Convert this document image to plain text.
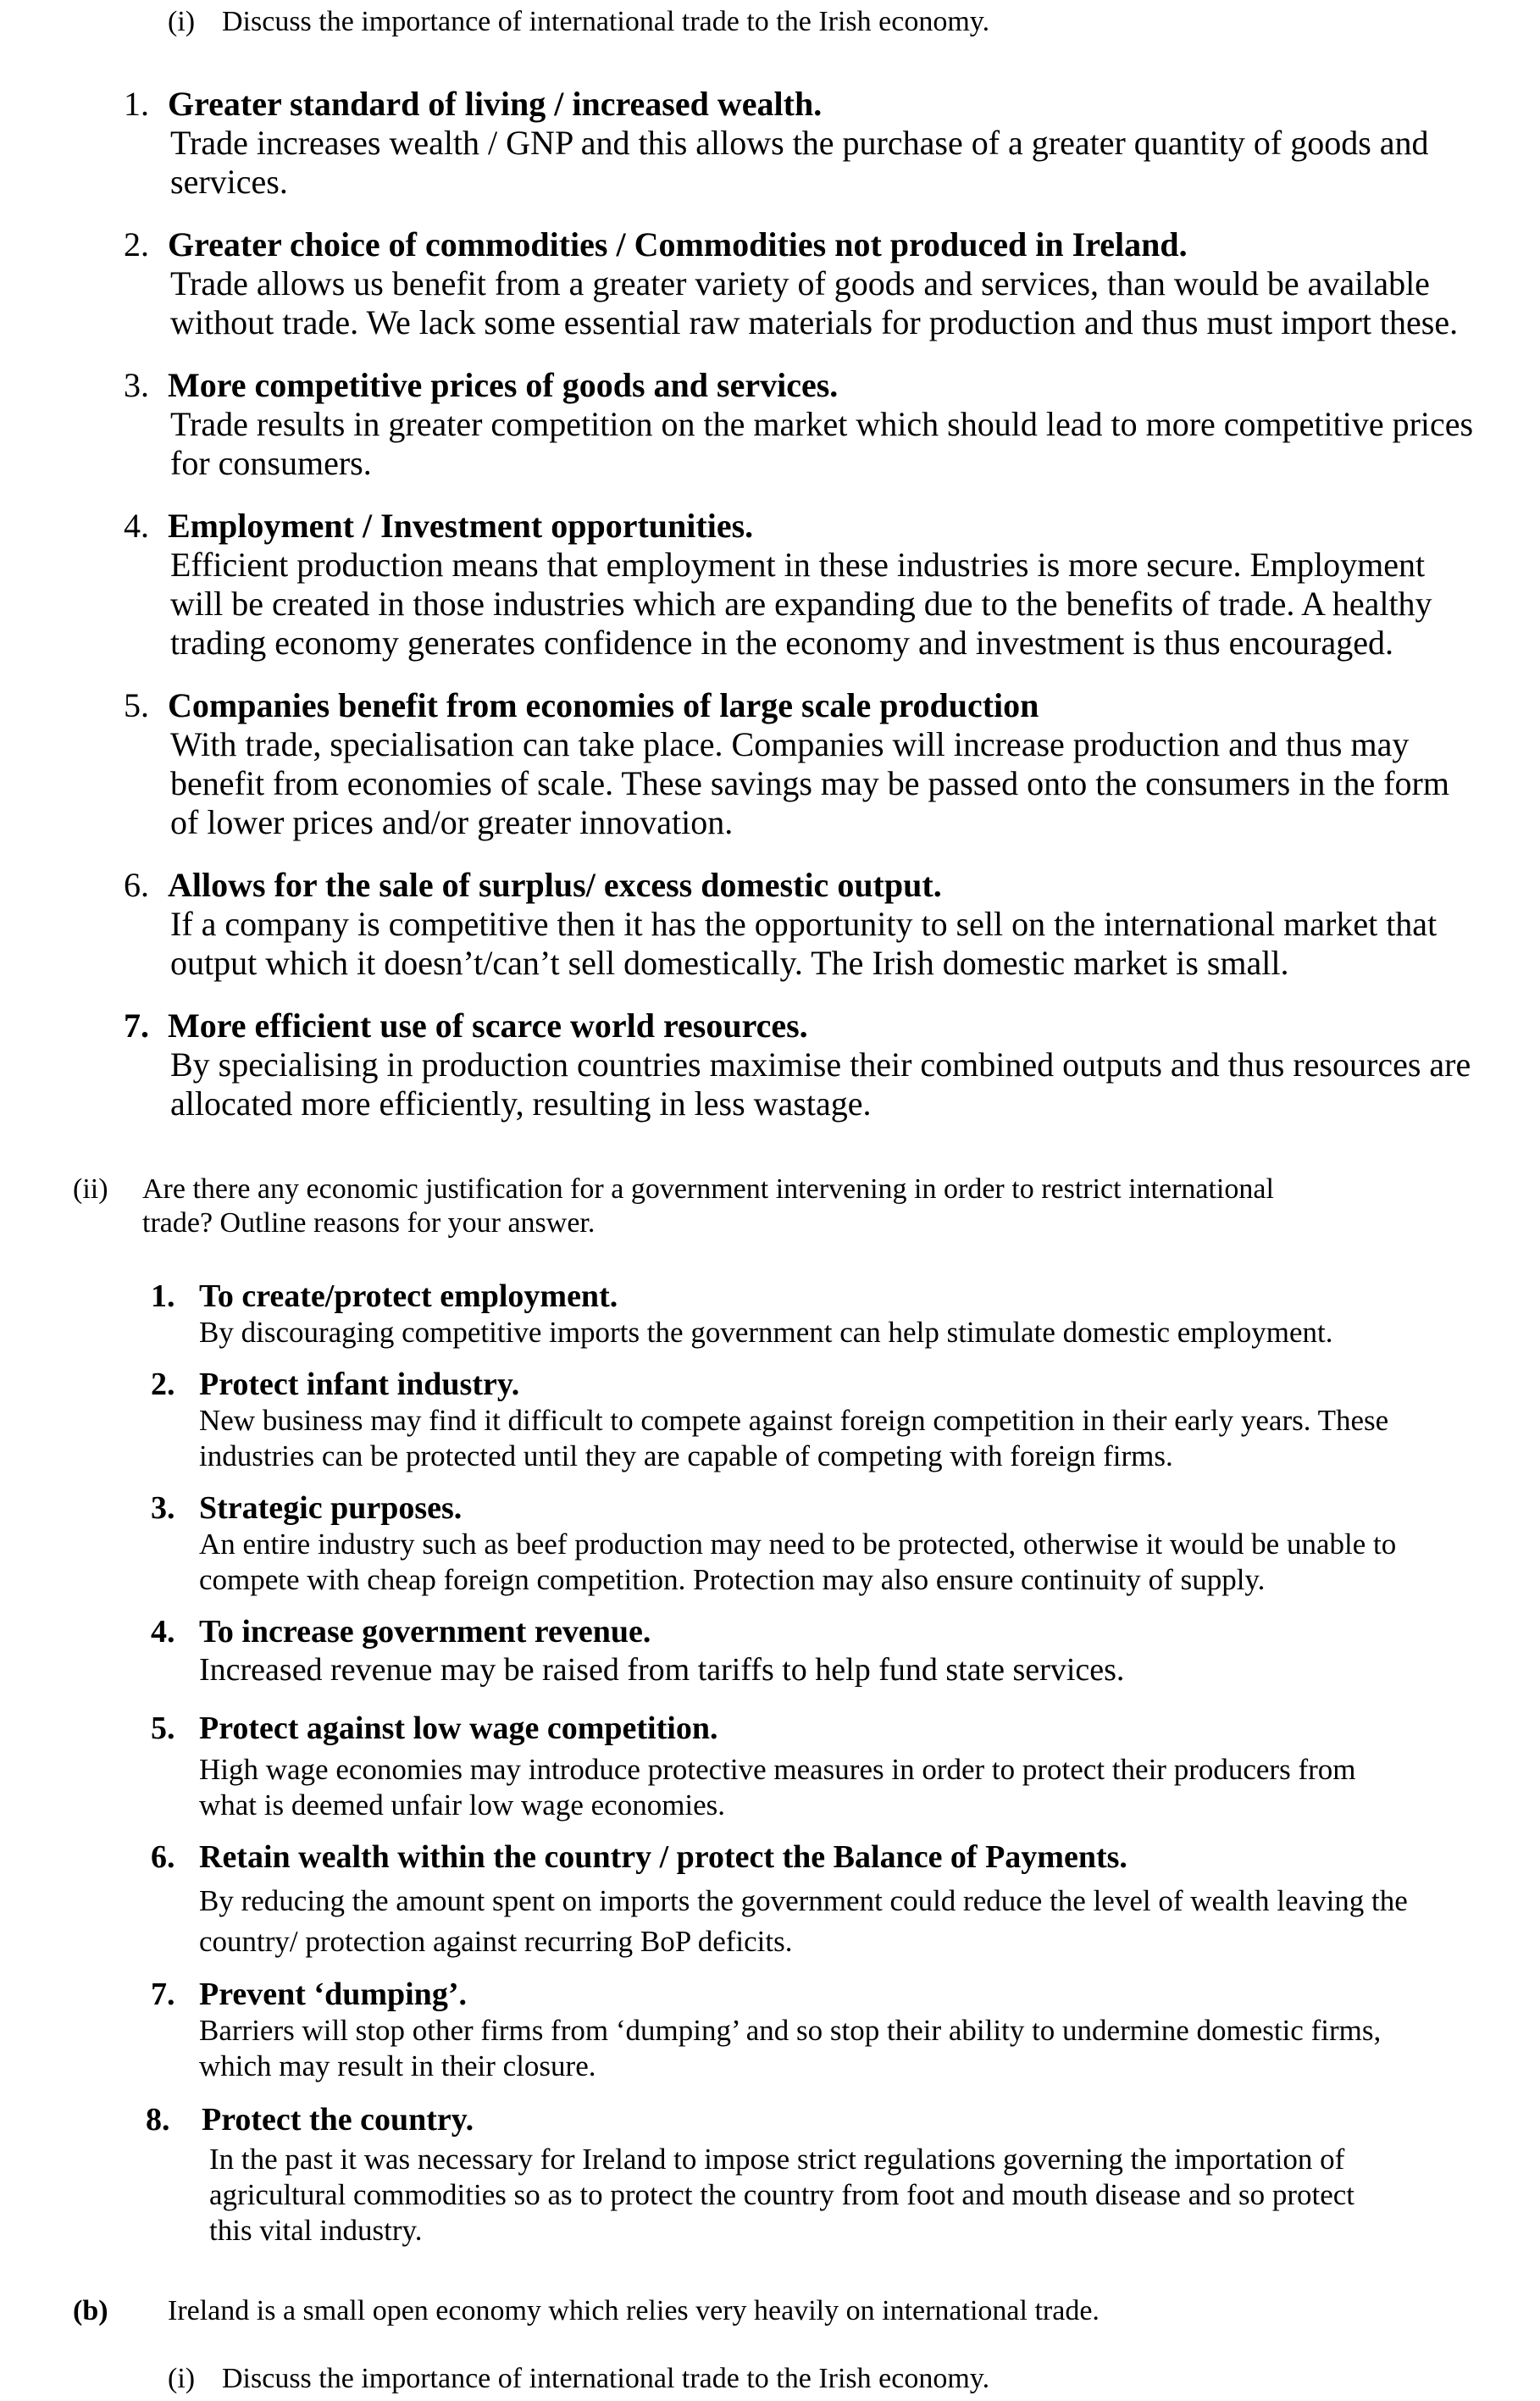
(i) Discuss the importance of international trade to the Irish economy.
1. Greater standard of living / increased wealth.
Trade increases wealth / GNP and this allows the purchase of a greater quantity of goods and
services.
2. Greater choice of commodities / Commodities not produced in Ireland.
Trade allows us benefit from a greater variety of goods and services, than would be available
without trade. We lack some essential raw materials for production and thus must import these.
3. More competitive prices of goods and services.
Trade results in greater competition on the market which should lead to more competitive prices
for consumers.
4. Employment / Investment opportunities.
Efficient production means that employment in these industries is more secure. Employment
will be created in those industries which are expanding due to the benefits of trade. A healthy
trading economy generates confidence in the economy and investment is thus encouraged.
5. Companies benefit from economies of large scale production
With trade, specialisation can take place. Companies will increase production and thus may
benefit from economies of scale. These savings may be passed onto the consumers in the form
of lower prices and/or greater innovation.
6. Allows for the sale of surplus/ excess domestic output.
If a company is competitive then it has the opportunity to sell on the international market that
output which it doesn’t/can’t sell domestically. The Irish domestic market is small.
7. More efficient use of scarce world resources.
By specialising in production countries maximise their combined outputs and thus resources are
allocated more efficiently, resulting in less wastage.
(ii) Are there any economic justification for a government intervening in order to restrict international
trade? Outline reasons for your answer.
1. To create/protect employment.
By discouraging competitive imports the government can help stimulate domestic employment.
2. Protect infant industry.
New business may find it difficult to compete against foreign competition in their early years. These
industries can be protected until they are capable of competing with foreign firms.
3. Strategic purposes.
An entire industry such as beef production may need to be protected, otherwise it would be unable to
compete with cheap foreign competition. Protection may also ensure continuity of supply.
4. To increase government revenue.
Increased revenue may be raised from tariffs to help fund state services.
5. Protect against low wage competition.
High wage economies may introduce protective measures in order to protect their producers from
what is deemed unfair low wage economies.
6. Retain wealth within the country / protect the Balance of Payments.
By reducing the amount spent on imports the government could reduce the level of wealth leaving the
country/ protection against recurring BoP deficits.
7. Prevent ‘dumping’.
Barriers will stop other firms from ‘dumping’ and so stop their ability to undermine domestic firms,
which may result in their closure.
8. Protect the country.
In the past it was necessary for Ireland to impose strict regulations governing the importation of
agricultural commodities so as to protect the country from foot and mouth disease and so protect
this vital industry.
(b) Ireland is a small open economy which relies very heavily on international trade.
(i) Discuss the importance of international trade to the Irish economy.
